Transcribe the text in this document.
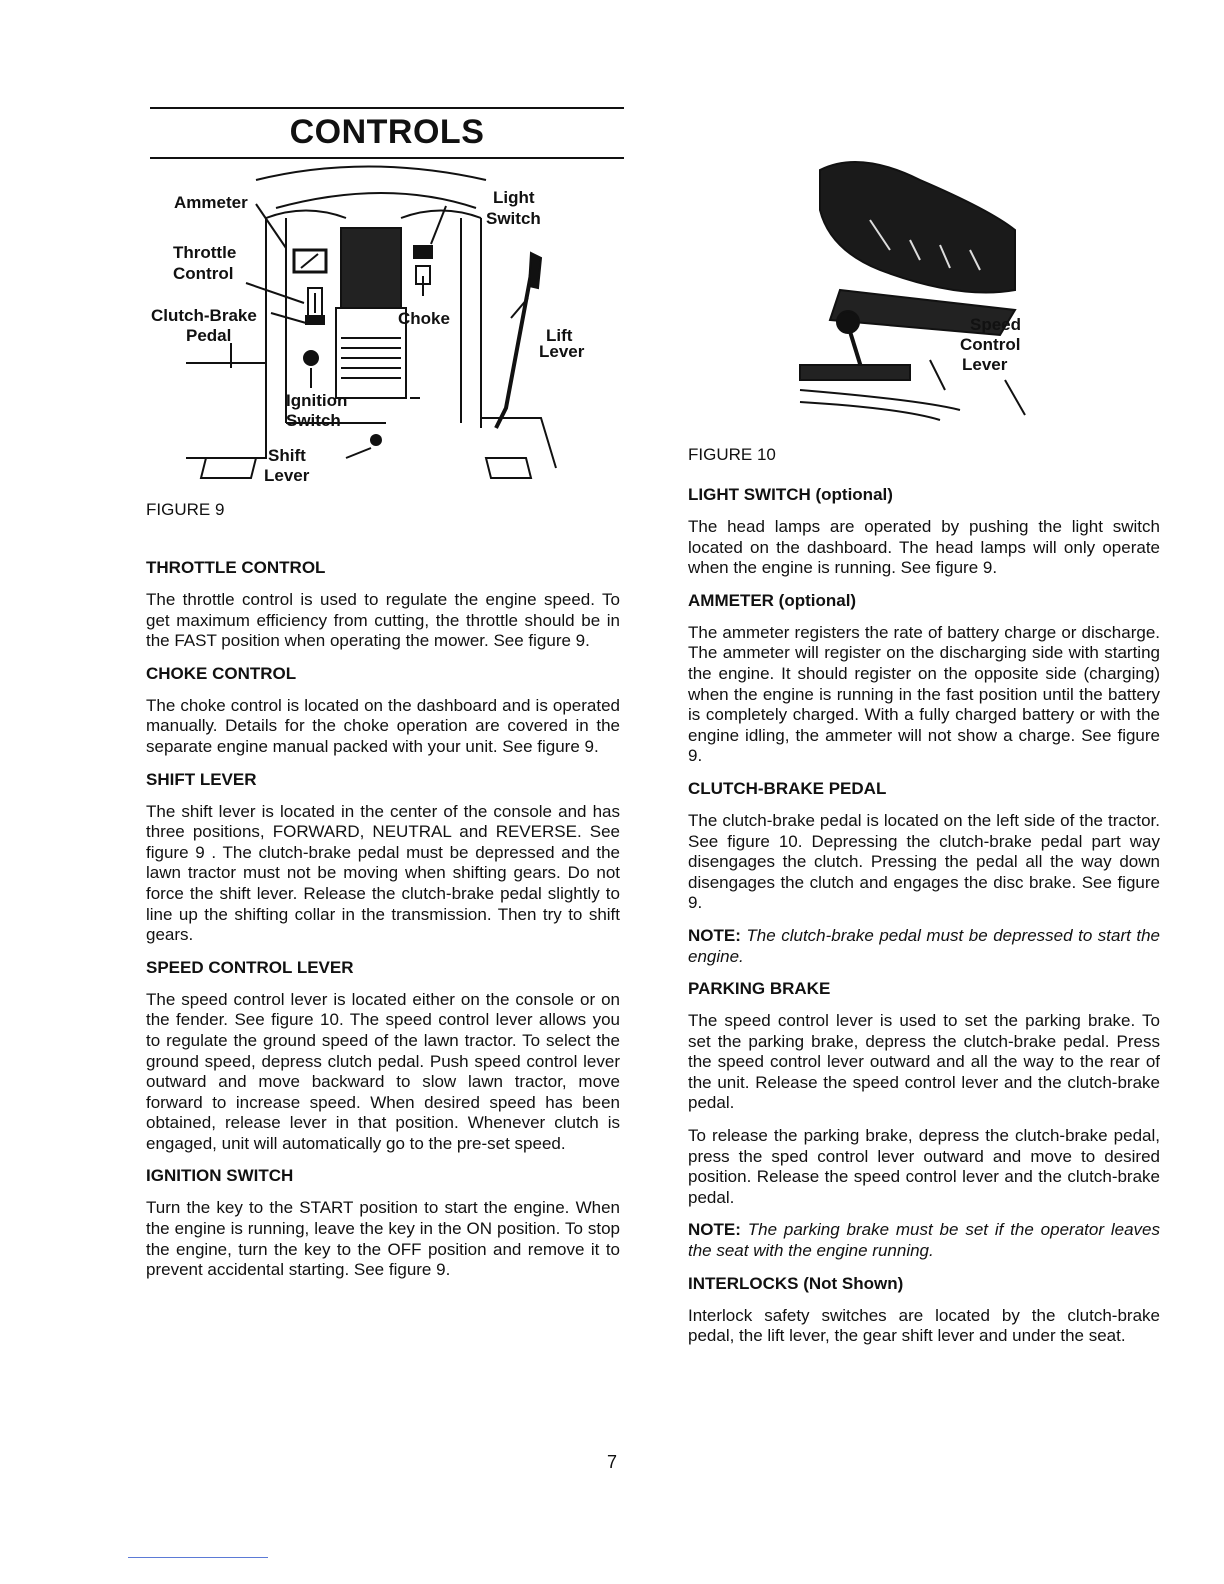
CONTROLS
Ammeter	Light
Switch
Throttle
Control
Clutch-Brake
Pedal
Choke
Lift
Lever
Ignition
Switch
Shift
Lever
Speed
Control
Lever

FIGURE 9

THROTTLE CONTROL

The throttle control is used to regulate the engine speed. To get maximum efficiency from cutting, the throttle should be in the FAST position when operating the mower. See figure 9.

CHOKE CONTROL

The choke control is located on the dashboard and is operated manually. Details for the choke operation are covered in the separate engine manual packed with your unit. See figure 9.

SHIFT LEVER

The shift lever is located in the center of the console and has three positions, FORWARD, NEUTRAL and REVERSE. See figure 9 . The clutch-brake pedal must be depressed and the lawn tractor must not be moving when shifting gears. Do not force the shift lever. Release the clutch-brake pedal slightly to line up the shifting collar in the transmission. Then try to shift gears.

SPEED CONTROL LEVER

The speed control lever is located either on the console or on the fender. See figure 10. The speed control lever allows you to regulate the ground speed of the lawn tractor. To select the ground speed, depress clutch pedal. Push speed control lever outward and move backward to slow lawn tractor, move forward to increase speed. When desired speed has been obtained, release lever in that position. Whenever clutch is engaged, unit will automatically go to the pre-set speed.

IGNITION SWITCH

Turn the key to the START position to start the engine. When the engine is running, leave the key in the ON position. To stop the engine, turn the key to the OFF position and remove it to prevent accidental starting. See figure 9.

FIGURE 10

LIGHT SWITCH (optional)

The head lamps are operated by pushing the light switch located on the dashboard. The head lamps will only operate when the engine is running. See figure 9.

AMMETER (optional)

The ammeter registers the rate of battery charge or discharge. The ammeter will register on the discharging side with starting the engine. It should register on the opposite side (charging) when the engine is running in the fast position until the battery is completely charged. With a fully charged battery or with the engine idling, the ammeter will not show a charge. See figure 9.

CLUTCH-BRAKE PEDAL

The clutch-brake pedal is located on the left side of the tractor. See figure 10. Depressing the clutch-brake pedal part way disengages the clutch. Pressing the pedal all the way down disengages the clutch and engages the disc brake. See figure 9.

NOTE: The clutch-brake pedal must be depressed to start the engine.

PARKING BRAKE

The speed control lever is used to set the parking brake. To set the parking brake, depress the clutch-brake pedal. Press the speed control lever outward and all the way to the rear of the unit. Release the speed control lever and the clutch-brake pedal.

To release the parking brake, depress the clutch-brake pedal, press the sped control lever outward and move to desired position. Release the speed control lever and the clutch-brake pedal.

NOTE: The parking brake must be set if the operator leaves the seat with the engine running.

INTERLOCKS (Not Shown)

Interlock safety switches are located by the clutch-brake pedal, the lift lever, the gear shift lever and under the seat.

7
